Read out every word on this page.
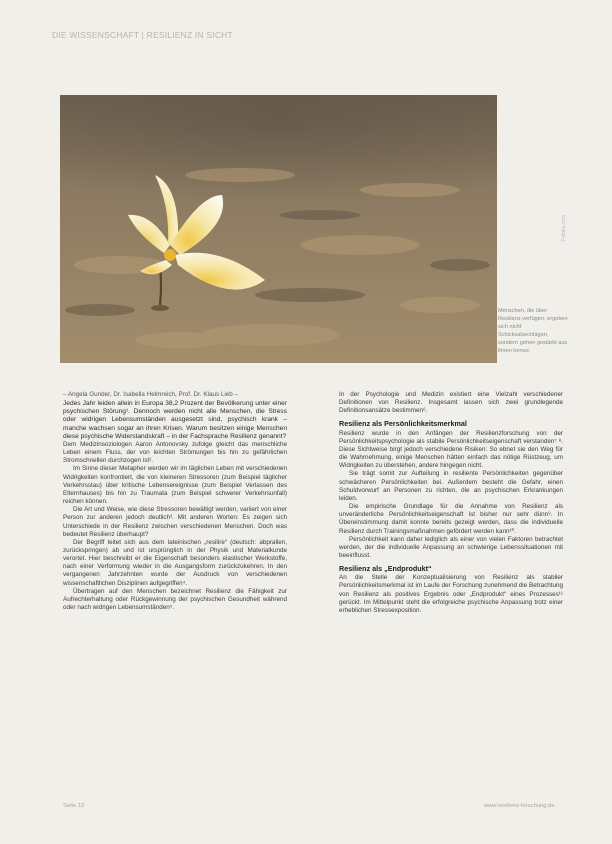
DIE WISSENSCHAFT | RESILIENZ IN SICHT
Fotolia.com
Menschen, die über Resilienz verfügen, ergeben sich nicht Schicksalsschlägen, sondern gehen gestärkt aus ihnen hervor.

– Angela Gunder, Dr. Isabella Helmreich, Prof. Dr. Klaus Lieb –

Jedes Jahr leiden allein in Europa 38,2 Prozent der Bevölkerung unter einer psychischen Störung¹. Dennoch werden nicht alle Menschen, die Stress oder widrigen Lebensumständen ausgesetzt sind, psychisch krank – manche wachsen sogar an ihren Krisen. Warum besitzen einige Menschen diese psychische Widerstandskraft – in der Fachsprache Resilienz genannt?

Dem Medizinsoziologen Aaron Antonovsky zufolge gleicht das menschliche Leben einem Fluss, der von leichten Strömungen bis hin zu gefährlichen Stromschnellen durchzogen ist².

Im Sinne dieser Metapher werden wir im täglichen Leben mit verschiedenen Widrigkeiten konfrontiert, die von kleineren Stressoren (zum Beispiel täglicher Verkehrsstau) über kritische Lebensereignisse (zum Beispiel Verlassen des Elternhauses) bis hin zu Traumata (zum Beispiel schwerer Verkehrsunfall) reichen können.

Die Art und Weise, wie diese Stressoren bewältigt werden, variiert von einer Person zur anderen jedoch deutlich³. Mit anderen Worten: Es zeigen sich Unterschiede in der Resilienz zwischen verschiedenen Menschen. Doch was bedeutet Resilienz überhaupt?

Der Begriff leitet sich aus dem lateinischen „resilire“ (deutsch: abprallen, zurückspringen) ab und ist ursprünglich in der Physik und Materialkunde verortet. Hier beschreibt er die Eigenschaft besonders elastischer Werkstoffe, nach einer Verformung wieder in die Ausgangsform zurückzukehren. In den vergangenen Jahrzehnten wurde der Ausdruck von verschiedenen wissenschaftlichen Disziplinen aufgegriffen⁴.

Übertragen auf den Menschen bezeichnet Resilienz die Fähigkeit zur Aufrechterhaltung oder Rückgewinnung der psychischen Gesundheit während oder nach widrigen Lebensumständen⁵.

In der Psychologie und Medizin existiert eine Vielzahl verschiedener Definitionen von Resilienz. Insgesamt lassen sich zwei grundlegende Definitionsansätze bestimmen⁶.

Resilienz als Persönlichkeitsmerkmal

Resilienz wurde in den Anfängen der Resilienzforschung von der Persönlichkeitspsychologie als stabile Persönlichkeitseigenschaft verstanden⁷ ⁸. Diese Sichtweise birgt jedoch verschiedene Risiken: So ebnet sie den Weg für die Wahrnehmung, einige Menschen hätten einfach das nötige Rüstzeug, um Widrigkeiten zu überstehen, andere hingegen nicht.

Sie trägt somit zur Aufteilung in resiliente Persönlichkeiten gegenüber schwächeren Persönlichkeiten bei. Außerdem besteht die Gefahr, einen Schuldvorwurf an Personen zu richten, die an psychischen Erkrankungen leiden.

Die empirische Grundlage für die Annahme von Resilienz als unveränderliche Persönlichkeitseigenschaft ist bisher nur sehr dünn⁹. In Übereinstimmung damit konnte bereits gezeigt werden, dass die individuelle Resilienz durch Trainingsmaßnahmen gefördert werden kann¹⁰.

Persönlichkeit kann daher lediglich als einer von vielen Faktoren betrachtet werden, der die individuelle Anpassung an schwierige Lebenssituationen mit beeinflusst.

Resilienz als „Endprodukt“

An die Stelle der Konzeptualisierung von Resilienz als stabiler Persönlichkeitsmerkmal ist im Laufe der Forschung zunehmend die Betrachtung von Resilienz als positives Ergebnis oder „Endprodukt“ eines Prozesses¹¹ gerückt. Im Mittelpunkt steht die erfolgreiche psychische Anpassung trotz einer erheblichen Stressexposition.

Seite 12	www.resilienz-forschung.de
